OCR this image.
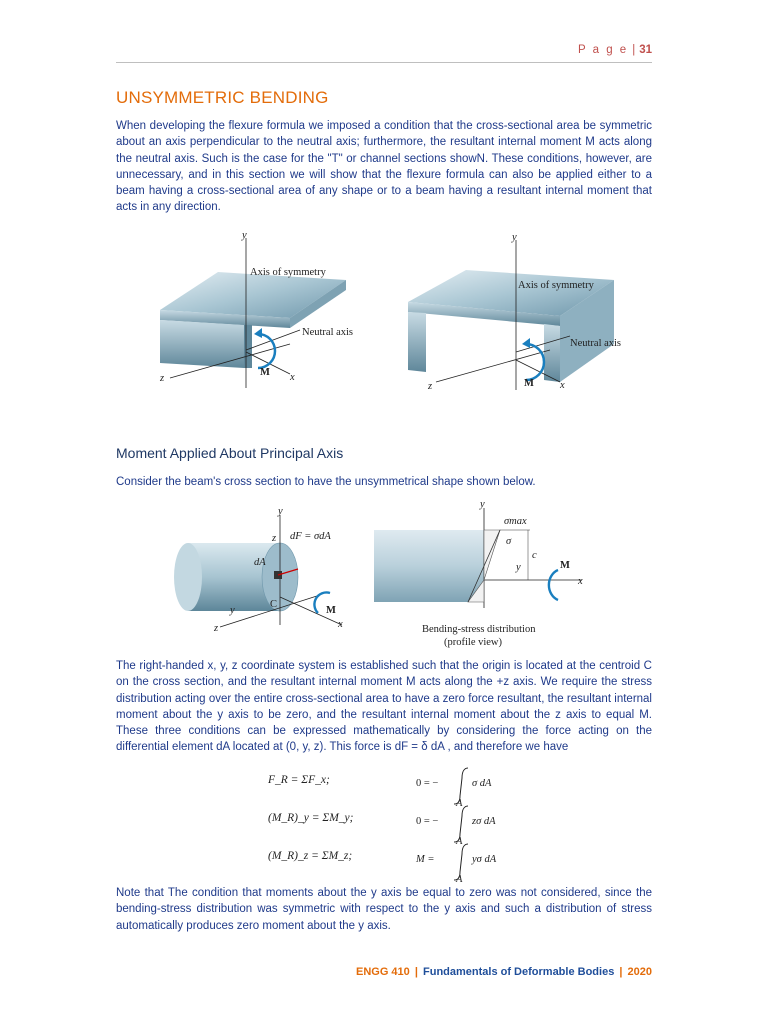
P a g e | 31
UNSYMMETRIC BENDING

When developing the flexure formula we imposed a condition that the cross-sectional area be symmetric about an axis perpendicular to the neutral axis; furthermore, the resultant internal moment M acts along the neutral axis. Such is the case for the "T" or channel sections showN. These conditions, however, are unnecessary, and in this section we will show that the flexure formula can also be applied either to a beam having a cross-sectional area of any shape or to a beam having a resultant internal moment that acts in any direction.

y
Axis of symmetry
Neutral axis
M x
z
y
Axis of symmetry
Neutral axis
M x
z
Moment Applied About Principal Axis

Consider the beam's cross section to have the unsymmetrical shape shown below.

y
z dF = σdA
dA
C
M
x
z
y
y
σmax
σ
c
y	M
x
Bending-stress distribution
(profile view)

The right-handed x, y, z coordinate system is established such that the origin is located at the centroid C on the cross section, and the resultant internal moment M acts along the +z axis. We require the stress distribution acting over the entire cross-sectional area to have a zero force resultant, the resultant internal moment about the y axis to be zero, and the resultant internal moment about the z axis to equal M. These three conditions can be expressed mathematically by considering the force acting on the differential element dA located at (0, y, z). This force is dF = δ dA , and therefore we have

F_R = ΣF_x;	0 = −
A
σ dA
(M_R)_y = ΣM_y;	0 = −
A
zσ dA
(M_R)_z = ΣM_z;	M =
A
yσ dA

Note that The condition that moments about the y axis be equal to zero was not considered, since the bending-stress distribution was symmetric with respect to the y axis and such a distribution of stress automatically produces zero moment about the y axis.

ENGG 410 | Fundamentals of Deformable Bodies | 2020
